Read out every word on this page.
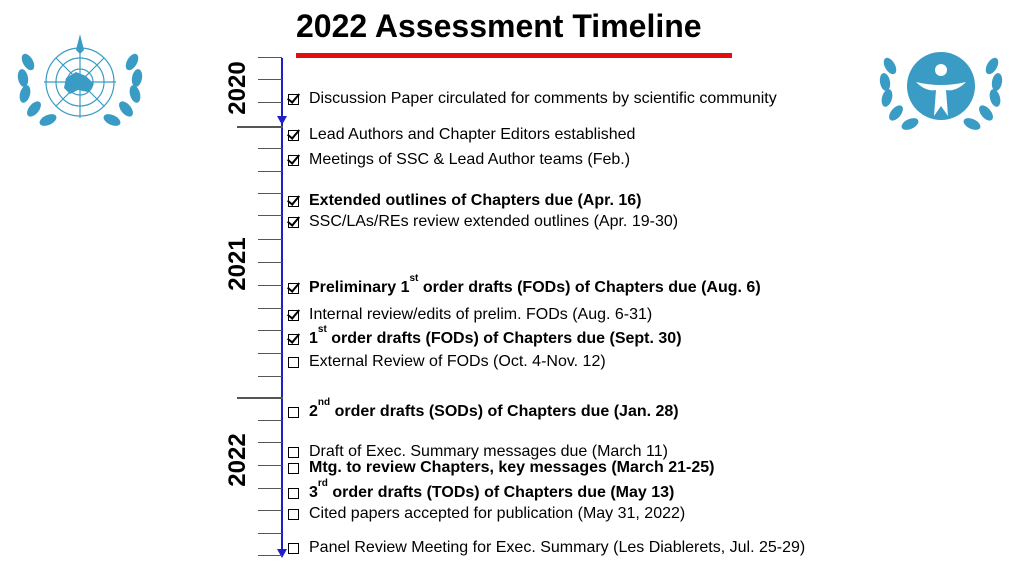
2022 Assessment Timeline
2020
2021
2022
Discussion Paper circulated for comments by scientific community
Lead Authors and Chapter Editors established
Meetings of SSC & Lead Author teams (Feb.)
Extended outlines of Chapters due (Apr. 16)
SSC/LAs/REs review extended outlines (Apr. 19-30)
Preliminary 1st order drafts (FODs) of Chapters due (Aug. 6)
Internal review/edits of prelim. FODs (Aug. 6-31)
1st order drafts (FODs) of Chapters due (Sept. 30)
External Review of FODs (Oct. 4-Nov. 12)
2nd order drafts (SODs) of Chapters due (Jan. 28)
Draft of Exec. Summary messages due (March 11)
Mtg. to review Chapters, key messages (March 21-25)
3rd order drafts (TODs) of Chapters due (May 13)
Cited papers accepted for publication (May 31, 2022)
Panel Review Meeting for Exec. Summary (Les Diablerets, Jul. 25-29)
